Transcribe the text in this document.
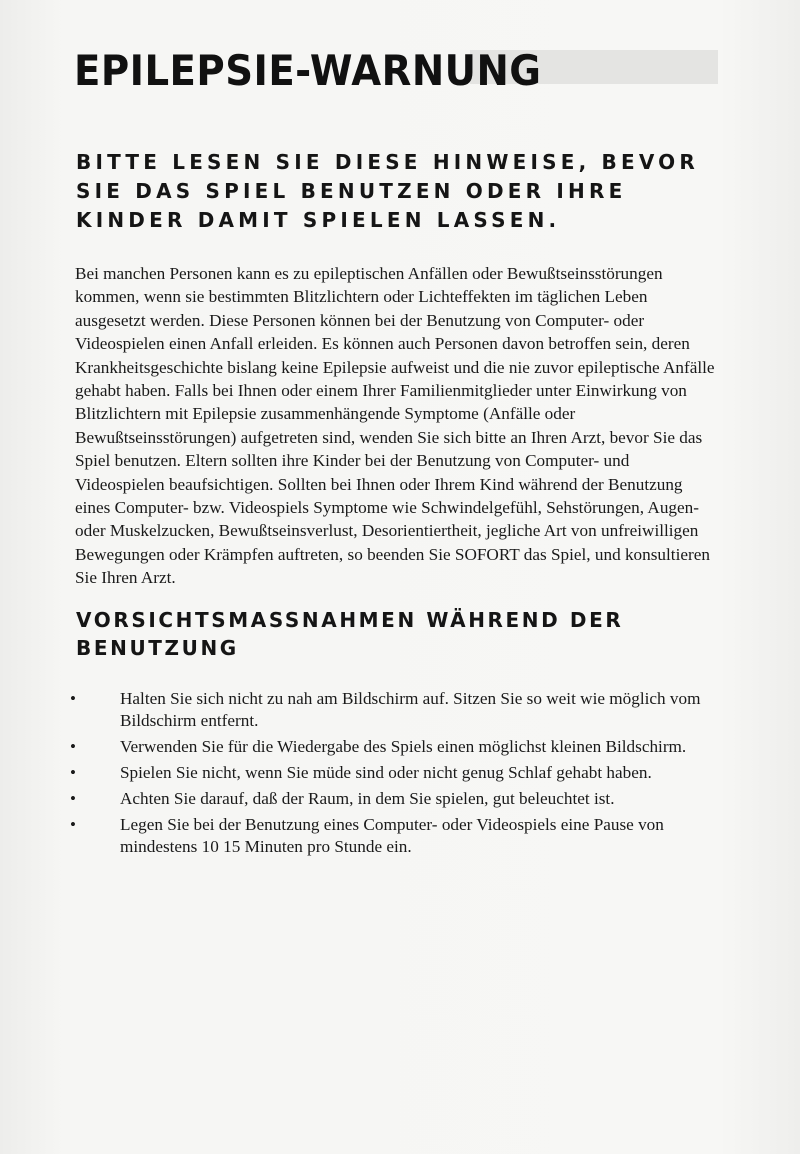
EPILEPSIE-WARNUNG
BITTE LESEN SIE DIESE HINWEISE, BEVOR SIE DAS SPIEL BENUTZEN ODER IHRE KINDER DAMIT SPIELEN LASSEN.

Bei manchen Personen kann es zu epileptischen Anfällen oder Bewußtseinsstörungen kommen, wenn sie bestimmten Blitzlichtern oder Lichteffekten im täglichen Leben ausgesetzt werden. Diese Personen können bei der Benutzung von Computer- oder Videospielen einen Anfall erleiden. Es können auch Personen davon betroffen sein, deren Krankheitsgeschichte bislang keine Epilepsie aufweist und die nie zuvor epileptische Anfälle gehabt haben. Falls bei Ihnen oder einem Ihrer Familienmitglieder unter Einwirkung von Blitzlichtern mit Epilepsie zusammenhängende Symptome (Anfälle oder Bewußtseinsstörungen) aufgetreten sind, wenden Sie sich bitte an Ihren Arzt, bevor Sie das Spiel benutzen. Eltern sollten ihre Kinder bei der Benutzung von Computer- und Videospielen beaufsichtigen. Sollten bei Ihnen oder Ihrem Kind während der Benutzung eines Computer- bzw. Videospiels Symptome wie Schwindelgefühl, Sehstörungen, Augen- oder Muskelzucken, Bewußtseinsverlust, Desorientiertheit, jegliche Art von unfreiwilligen Bewegungen oder Krämpfen auftreten, so beenden Sie SOFORT das Spiel, und konsultieren Sie Ihren Arzt.

VORSICHTSMASSNAHMEN WÄHREND DER BENUTZUNG
•	Halten Sie sich nicht zu nah am Bildschirm auf. Sitzen Sie so weit wie möglich vom Bildschirm entfernt.
•	Verwenden Sie für die Wiedergabe des Spiels einen möglichst kleinen Bildschirm.
•	Spielen Sie nicht, wenn Sie müde sind oder nicht genug Schlaf gehabt haben.
•	Achten Sie darauf, daß der Raum, in dem Sie spielen, gut beleuchtet ist.
•	Legen Sie bei der Benutzung eines Computer- oder Videospiels eine Pause von mindestens 10 15 Minuten pro Stunde ein.
